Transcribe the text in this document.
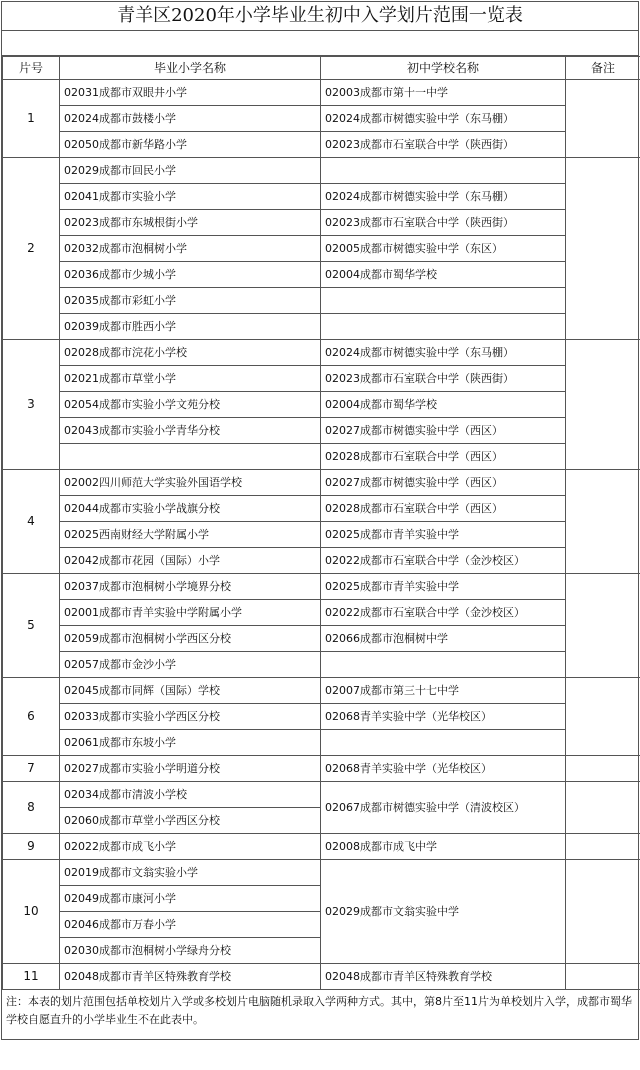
青羊区2020年小学毕业生初中入学划片范围一览表
片号	毕业小学名称	初中学校名称	备注
1	02031成都市双眼井小学	02003成都市第十一中学	
	02024成都市鼓楼小学	02024成都市树德实验中学（东马棚）	
	02050成都市新华路小学	02023成都市石室联合中学（陕西街）	
2	02029成都市回民小学		
	02041成都市实验小学	02024成都市树德实验中学（东马棚）	
	02023成都市东城根街小学	02023成都市石室联合中学（陕西街）	
	02032成都市泡桐树小学	02005成都市树德实验中学（东区）	
	02036成都市少城小学	02004成都市蜀华学校	
	02035成都市彩虹小学		
	02039成都市胜西小学		
3	02028成都市浣花小学校	02024成都市树德实验中学（东马棚）	
	02021成都市草堂小学	02023成都市石室联合中学（陕西街）	
	02054成都市实验小学文苑分校	02004成都市蜀华学校	
	02043成都市实验小学青华分校	02027成都市树德实验中学（西区）	
		02028成都市石室联合中学（西区）	
4	02002四川师范大学实验外国语学校	02027成都市树德实验中学（西区）	
	02044成都市实验小学战旗分校	02028成都市石室联合中学（西区）	
	02025西南财经大学附属小学	02025成都市青羊实验中学	
	02042成都市花园（国际）小学	02022成都市石室联合中学（金沙校区）	
5	02037成都市泡桐树小学境界分校	02025成都市青羊实验中学	
	02001成都市青羊实验中学附属小学	02022成都市石室联合中学（金沙校区）	
	02059成都市泡桐树小学西区分校	02066成都市泡桐树中学	
	02057成都市金沙小学		
6	02045成都市同辉（国际）学校	02007成都市第三十七中学	
	02033成都市实验小学西区分校	02068青羊实验中学（光华校区）	
	02061成都市东坡小学		
7	02027成都市实验小学明道分校	02068青羊实验中学（光华校区）	
8	02034成都市清波小学校	02067成都市树德实验中学（清波校区）	
	02060成都市草堂小学西区分校		
9	02022成都市成飞小学	02008成都市成飞中学	
10	02019成都市文翁实验小学	02029成都市文翁实验中学	
	02049成都市康河小学		
	02046成都市万春小学		
	02030成都市泡桐树小学绿舟分校		
11	02048成都市青羊区特殊教育学校	02048成都市青羊区特殊教育学校	
注：本表的划片范围包括单校划片入学或多校划片电脑随机录取入学两种方式。其中，第8片至11片为单校划片入学，成都市蜀华学校自愿直升的小学毕业生不在此表中。
